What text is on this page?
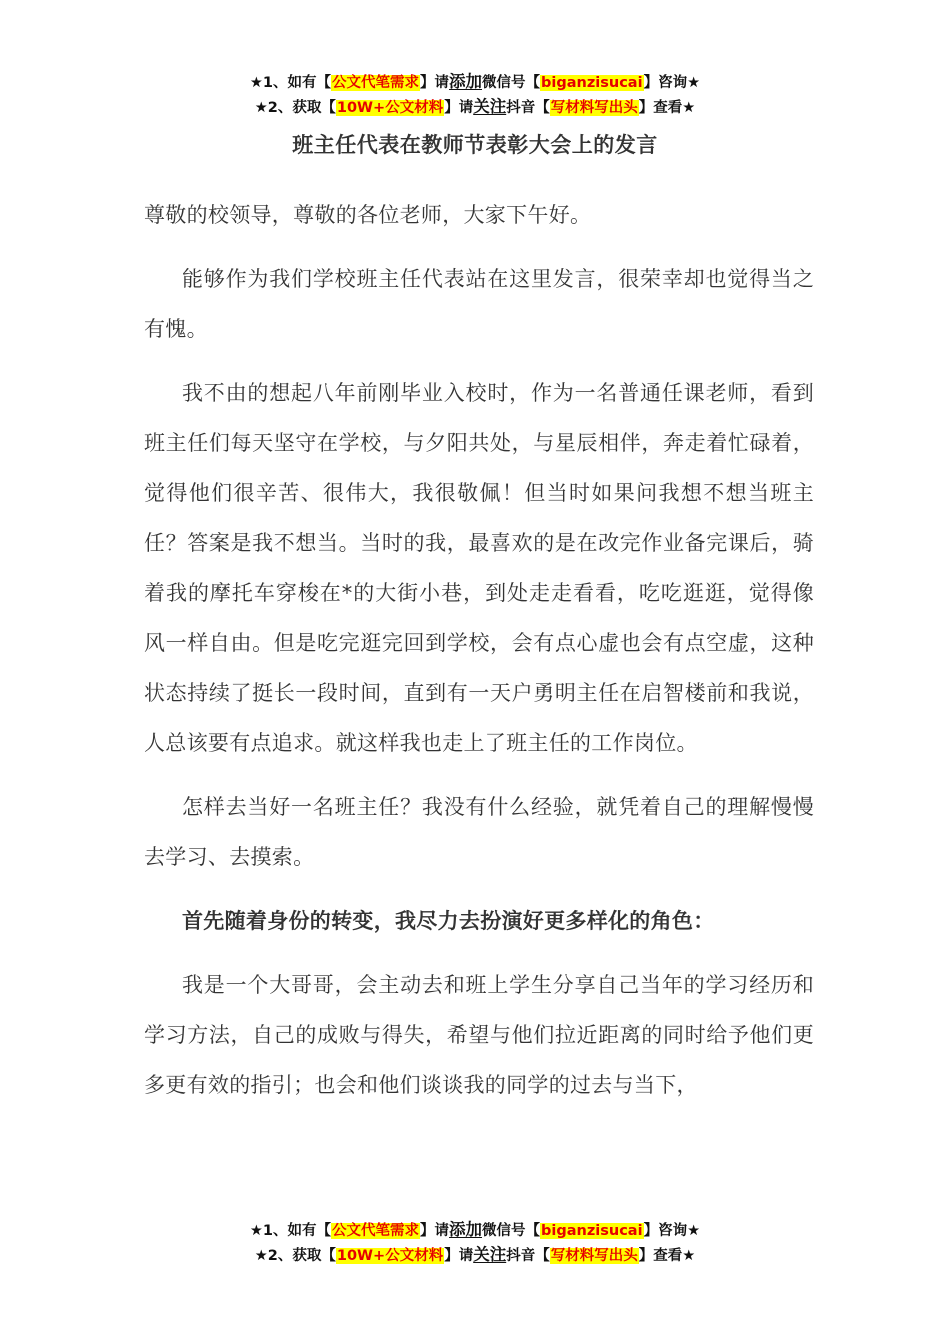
★1、如有【公文代笔需求】请添加微信号【biganzisucai】咨询★
★2、获取【10W+公文材料】请关注抖音【写材料写出头】查看★
班主任代表在教师节表彰大会上的发言

尊敬的校领导，尊敬的各位老师，大家下午好。

能够作为我们学校班主任代表站在这里发言，很荣幸却也觉得当之有愧。

我不由的想起八年前刚毕业入校时，作为一名普通任课老师，看到班主任们每天坚守在学校，与夕阳共处，与星辰相伴，奔走着忙碌着，觉得他们很辛苦、很伟大，我很敬佩！但当时如果问我想不想当班主任？答案是我不想当。当时的我，最喜欢的是在改完作业备完课后，骑着我的摩托车穿梭在*的大街小巷，到处走走看看，吃吃逛逛，觉得像风一样自由。但是吃完逛完回到学校，会有点心虚也会有点空虚，这种状态持续了挺长一段时间，直到有一天户勇明主任在启智楼前和我说，人总该要有点追求。就这样我也走上了班主任的工作岗位。

怎样去当好一名班主任？我没有什么经验，就凭着自己的理解慢慢去学习、去摸索。

首先随着身份的转变，我尽力去扮演好更多样化的角色：

我是一个大哥哥，会主动去和班上学生分享自己当年的学习经历和学习方法，自己的成败与得失，希望与他们拉近距离的同时给予他们更多更有效的指引；也会和他们谈谈我的同学的过去与当下，

★1、如有【公文代笔需求】请添加微信号【biganzisucai】咨询★
★2、获取【10W+公文材料】请关注抖音【写材料写出头】查看★
